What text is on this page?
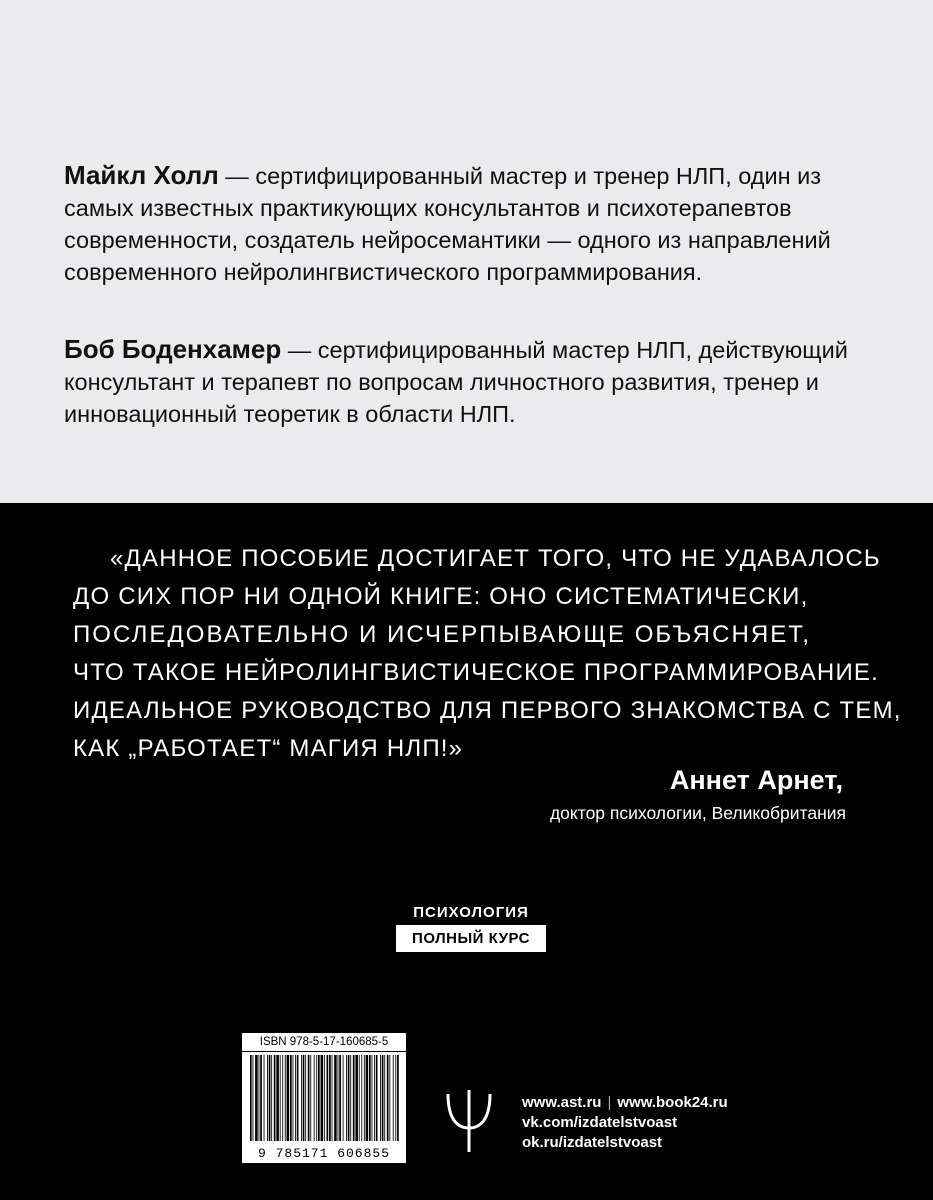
Майкл Холл — сертифицированный мастер и тренер НЛП, один из самых известных практикующих консультантов и психотерапевтов современности, создатель нейросемантики — одного из направлений современного нейролингвистического программирования.

Боб Боденхамер — сертифицированный мастер НЛП, действующий консультант и терапевт по вопросам личностного развития, тренер и инновационный теоретик в области НЛП.

«ДАННОЕ ПОСОБИЕ ДОСТИГАЕТ ТОГО, ЧТО НЕ УДАВАЛОСЬ
ДО СИХ ПОР НИ ОДНОЙ КНИГЕ: ОНО СИСТЕМАТИЧЕСКИ,
ПОСЛЕДОВАТЕЛЬНО И ИСЧЕРПЫВАЮЩЕ ОБЪЯСНЯЕТ,
ЧТО ТАКОЕ НЕЙРОЛИНГВИСТИЧЕСКОЕ ПРОГРАММИРОВАНИЕ.
ИДЕАЛЬНОЕ РУКОВОДСТВО ДЛЯ ПЕРВОГО ЗНАКОМСТВА С ТЕМ,
КАК „РАБОТАЕТ“ МАГИЯ НЛП!»
Аннет Арнет,
доктор психологии, Великобритания
ПСИХОЛОГИЯ
ПОЛНЫЙ КУРС
ISBN 978-5-17-160685-5
9 785171 606855
www.ast.ru | www.book24.ru
vk.com/izdatelstvoast
ok.ru/izdatelstvoast
